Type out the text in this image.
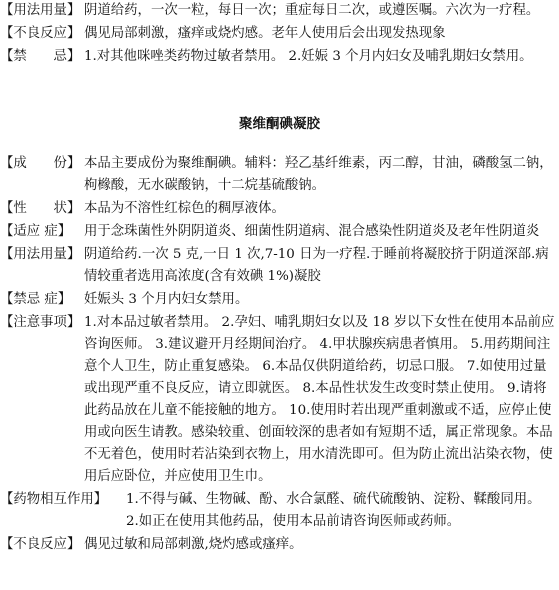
【用法用量】 阴道给药，一次一粒，每日一次；重症每日二次，或遵医嘱。六次为一疗程。
【不良反应】 偶见局部刺激，瘙痒或烧灼感。老年人使用后会出现发热现象
【禁　　忌】 1.对其他咪唑类药物过敏者禁用。 2.妊娠 3 个月内妇女及哺乳期妇女禁用。
聚维酮碘凝胶
【成　　份】 本品主要成份为聚维酮碘。辅料：羟乙基纤维素，丙二醇，甘油，磷酸氢二钠，枸橼酸，无水碳酸钠，十二烷基硫酸钠。
【性　　状】 本品为不溶性红棕色的稠厚液体。
【适应 症】 用于念珠菌性外阴阴道炎、细菌性阴道病、混合感染性阴道炎及老年性阴道炎
【用法用量】 阴道给药.一次 5 克,一日 1 次,7-10 日为一疗程.于睡前将凝胶挤于阴道深部.病情较重者选用高浓度(含有效碘 1%)凝胶
【禁忌 症】 妊娠头 3 个月内妇女禁用。
【注意事项】 1.对本品过敏者禁用。 2.孕妇、哺乳期妇女以及 18 岁以下女性在使用本品前应咨询医师。 3.建议避开月经期间治疗。 4.甲状腺疾病患者慎用。 5.用药期间注意个人卫生，防止重复感染。 6.本品仅供阴道给药，切忌口服。 7.如使用过量或出现严重不良反应，请立即就医。 8.本品性状发生改变时禁止使用。 9.请将此药品放在儿童不能接触的地方。 10.使用时若出现严重刺激或不适，应停止使用或向医生请教。感染较重、创面较深的患者如有短期不适，属正常现象。本品不无着色，使用时若沾染到衣物上，用水清洗即可。但为防止流出沾染衣物，使用后应卧位，并应使用卫生巾。
【药物相互作用】	1.不得与碱、生物碱、酚、水合氯醛、硫代硫酸钠、淀粉、鞣酸同用。 2.如正在使用其他药品，使用本品前请咨询医师或药师。
【不良反应】 偶见过敏和局部刺激,烧灼感或瘙痒。
